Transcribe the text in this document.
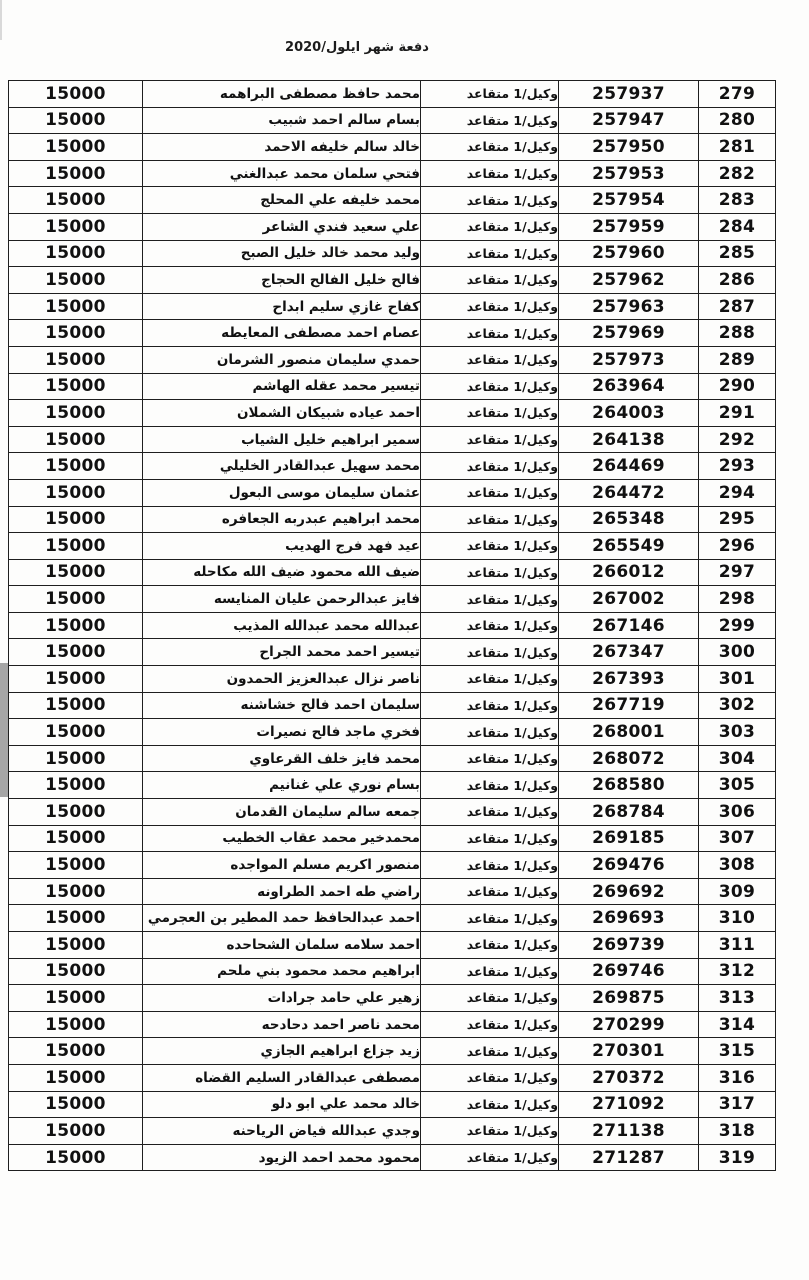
دفعة شهر ايلول/2020
279	257937	وكيل/1 متقاعد	محمد حافظ مصطفى البراهمه	15000
280	257947	وكيل/1 متقاعد	بسام سالم احمد شبيب	15000
281	257950	وكيل/1 متقاعد	خالد سالم خليفه الاحمد	15000
282	257953	وكيل/1 متقاعد	فتحي سلمان محمد عبدالغني	15000
283	257954	وكيل/1 متقاعد	محمد خليفه علي المحلج	15000
284	257959	وكيل/1 متقاعد	علي سعيد فندي الشاعر	15000
285	257960	وكيل/1 متقاعد	وليد محمد خالد خليل الصبح	15000
286	257962	وكيل/1 متقاعد	فالح خليل الفالح الحجاج	15000
287	257963	وكيل/1 متقاعد	كفاح غازي سليم ابداح	15000
288	257969	وكيل/1 متقاعد	عصام احمد مصطفى المعايطه	15000
289	257973	وكيل/1 متقاعد	حمدي سليمان منصور الشرمان	15000
290	263964	وكيل/1 متقاعد	تيسير محمد عقله الهاشم	15000
291	264003	وكيل/1 متقاعد	احمد عياده شبيكان الشملان	15000
292	264138	وكيل/1 متقاعد	سمير ابراهيم خليل الشياب	15000
293	264469	وكيل/1 متقاعد	محمد سهيل عبدالقادر الخليلي	15000
294	264472	وكيل/1 متقاعد	عثمان سليمان موسى البعول	15000
295	265348	وكيل/1 متقاعد	محمد ابراهيم عبدربه الجعافره	15000
296	265549	وكيل/1 متقاعد	عيد فهد فرج الهديب	15000
297	266012	وكيل/1 متقاعد	ضيف الله محمود ضيف الله مكاحله	15000
298	267002	وكيل/1 متقاعد	فايز عبدالرحمن عليان المنايسه	15000
299	267146	وكيل/1 متقاعد	عبدالله محمد عبدالله المذيب	15000
300	267347	وكيل/1 متقاعد	تيسير احمد محمد الجراح	15000
301	267393	وكيل/1 متقاعد	ناصر نزال عبدالعزيز الحمدون	15000
302	267719	وكيل/1 متقاعد	سليمان احمد فالح خشاشنه	15000
303	268001	وكيل/1 متقاعد	فخري ماجد فالح نصيرات	15000
304	268072	وكيل/1 متقاعد	محمد فايز خلف القرعاوي	15000
305	268580	وكيل/1 متقاعد	بسام نوري علي غنانيم	15000
306	268784	وكيل/1 متقاعد	جمعه سالم سليمان القدمان	15000
307	269185	وكيل/1 متقاعد	محمدخير محمد عقاب الخطيب	15000
308	269476	وكيل/1 متقاعد	منصور اكريم مسلم المواجده	15000
309	269692	وكيل/1 متقاعد	راضي طه احمد الطراونه	15000
310	269693	وكيل/1 متقاعد	احمد عبدالحافظ حمد المطير بن العجرمي	15000
311	269739	وكيل/1 متقاعد	احمد سلامه سلمان الشحاحده	15000
312	269746	وكيل/1 متقاعد	ابراهيم محمد محمود بني ملحم	15000
313	269875	وكيل/1 متقاعد	زهير علي حامد جرادات	15000
314	270299	وكيل/1 متقاعد	محمد ناصر احمد دحادحه	15000
315	270301	وكيل/1 متقاعد	زيد جزاع ابراهيم الجازي	15000
316	270372	وكيل/1 متقاعد	مصطفى عبدالقادر السليم القضاه	15000
317	271092	وكيل/1 متقاعد	خالد محمد علي ابو دلو	15000
318	271138	وكيل/1 متقاعد	وجدي عبدالله فياض الرياحنه	15000
319	271287	وكيل/1 متقاعد	محمود محمد احمد الزيود	15000
